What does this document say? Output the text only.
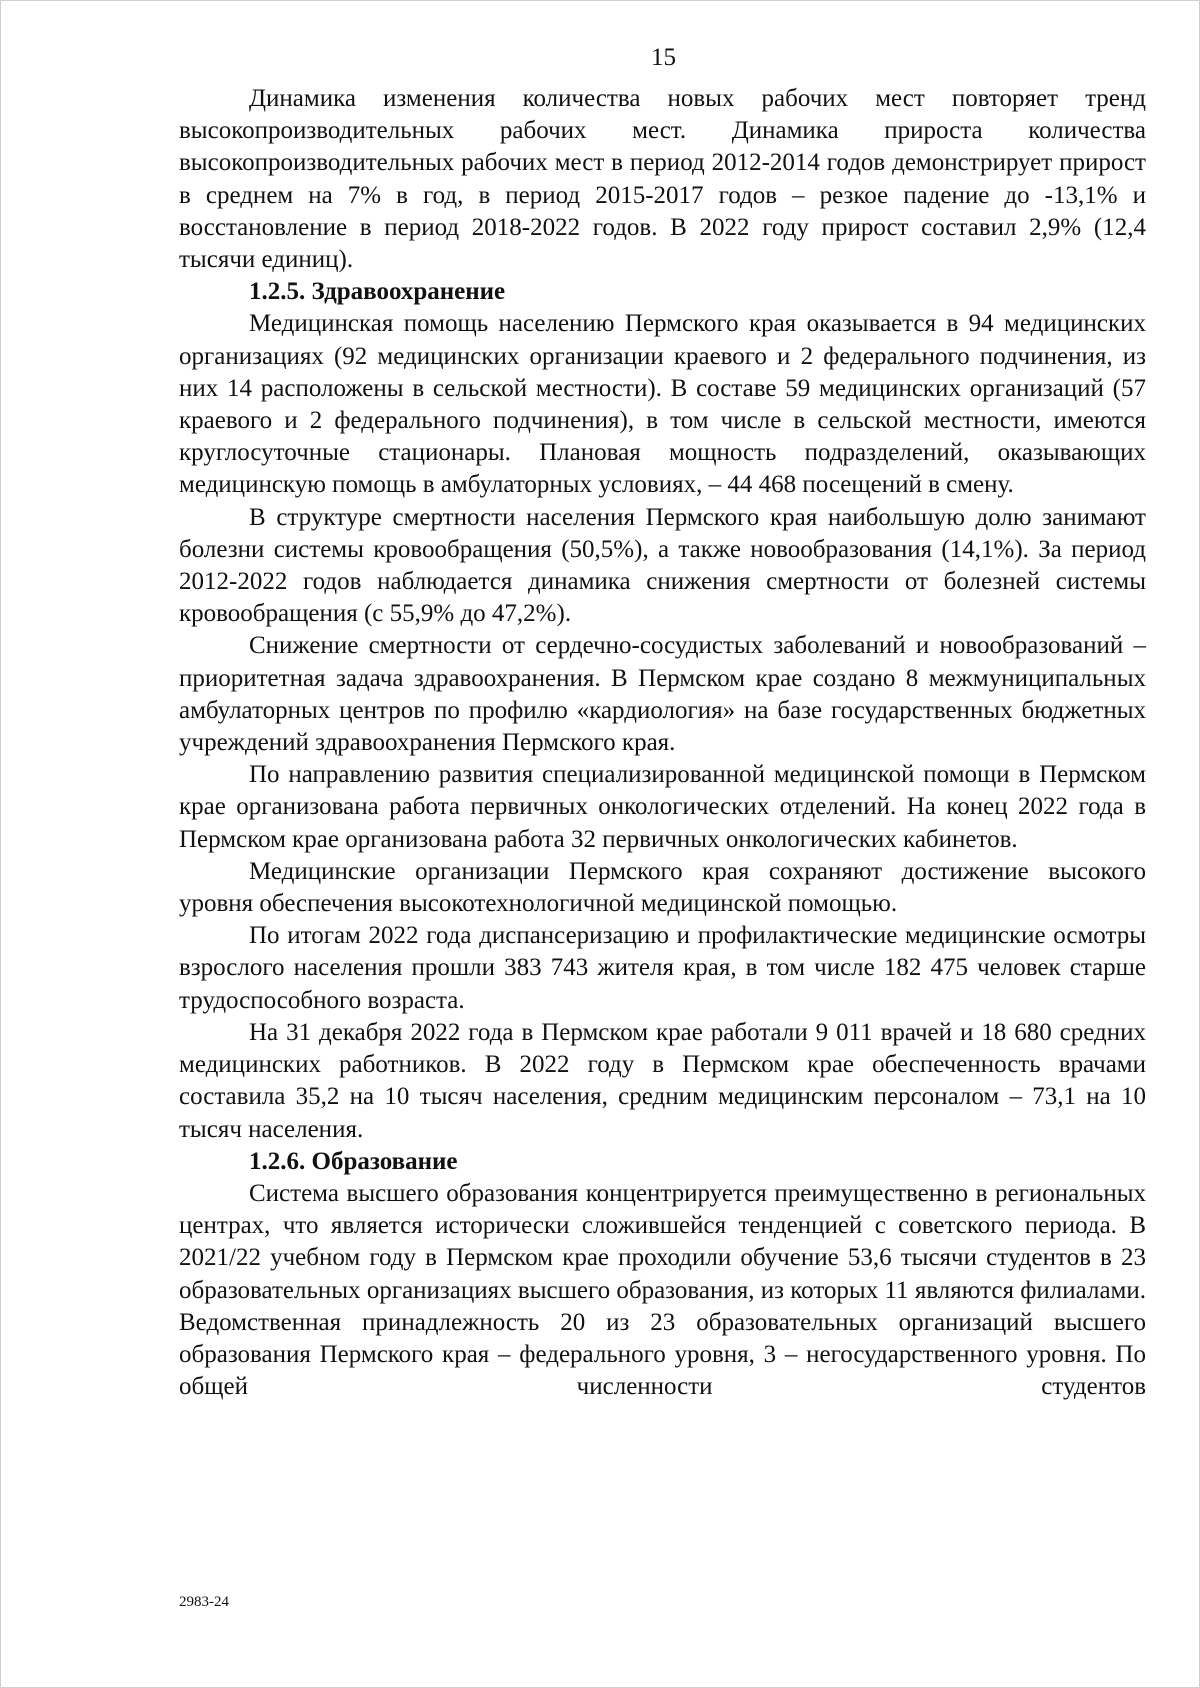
15

Динамика изменения количества новых рабочих мест повторяет тренд высокопроизводительных рабочих мест. Динамика прироста количества высокопроизводительных рабочих мест в период 2012-2014 годов демонстрирует прирост в среднем на 7% в год, в период 2015-2017 годов – резкое падение до -13,1% и восстановление в период 2018-2022 годов. В 2022 году прирост составил 2,9% (12,4 тысячи единиц).

1.2.5. Здравоохранение

Медицинская помощь населению Пермского края оказывается в 94 медицинских организациях (92 медицинских организации краевого и 2 федерального подчинения, из них 14 расположены в сельской местности). В составе 59 медицинских организаций (57 краевого и 2 федерального подчинения), в том числе в сельской местности, имеются круглосуточные стационары. Плановая мощность подразделений, оказывающих медицинскую помощь в амбулаторных условиях, – 44 468 посещений в смену.

В структуре смертности населения Пермского края наибольшую долю занимают болезни системы кровообращения (50,5%), а также новообразования (14,1%). За период 2012-2022 годов наблюдается динамика снижения смертности от болезней системы кровообращения (с 55,9% до 47,2%).

Снижение смертности от сердечно-сосудистых заболеваний и новообразований – приоритетная задача здравоохранения. В Пермском крае создано 8 межмуниципальных амбулаторных центров по профилю «кардиология» на базе государственных бюджетных учреждений здравоохранения Пермского края.

По направлению развития специализированной медицинской помощи в Пермском крае организована работа первичных онкологических отделений. На конец 2022 года в Пермском крае организована работа 32 первичных онкологических кабинетов.

Медицинские организации Пермского края сохраняют достижение высокого уровня обеспечения высокотехнологичной медицинской помощью.

По итогам 2022 года диспансеризацию и профилактические медицинские осмотры взрослого населения прошли 383 743 жителя края, в том числе 182 475 человек старше трудоспособного возраста.

На 31 декабря 2022 года в Пермском крае работали 9 011 врачей и 18 680 средних медицинских работников. В 2022 году в Пермском крае обеспеченность врачами составила 35,2 на 10 тысяч населения, средним медицинским персоналом – 73,1 на 10 тысяч населения.

1.2.6. Образование

Система высшего образования концентрируется преимущественно в региональных центрах, что является исторически сложившейся тенденцией с советского периода. В 2021/22 учебном году в Пермском крае проходили обучение 53,6 тысячи студентов в 23 образовательных организациях высшего образования, из которых 11 являются филиалами. Ведомственная принадлежность 20 из 23 образовательных организаций высшего образования Пермского края – федерального уровня, 3 – негосударственного уровня. По общей численности студентов

2983-24
